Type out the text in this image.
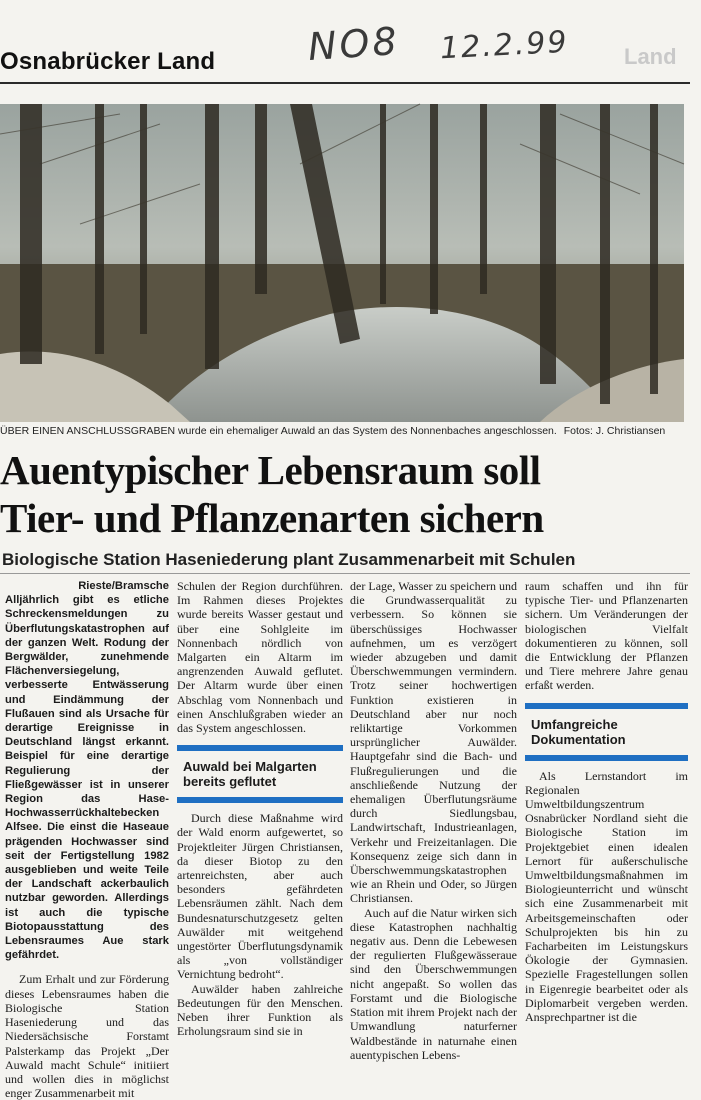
Osnabrücker Land NO8 12.2.99 Land
ÜBER EINEN ANSCHLUSSGRABEN wurde ein ehemaliger Auwald an das System des Nonnenbaches angeschlossen. Fotos: J. Christiansen
Auentypischer Lebensraum soll
Tier- und Pflanzenarten sichern
Biologische Station Haseniederung plant Zusammenarbeit mit Schulen
Rieste/Bramsche

Alljährlich gibt es etliche Schreckensmeldungen zu Überflutungskatastrophen auf der ganzen Welt. Rodung der Bergwälder, zunehmende Flächenversiegelung, verbesserte Entwässerung und Eindämmung der Flußauen sind als Ursache für derartige Ereignisse in Deutschland längst erkannt. Beispiel für eine derartige Regulierung der Fließgewässer ist in unserer Region das Hase-Hochwasserrückhaltebecken Alfsee. Die einst die Haseaue prägenden Hochwasser sind seit der Fertigstellung 1982 ausgeblieben und weite Teile der Landschaft ackerbaulich nutzbar geworden. Allerdings ist auch die typische Biotopausstattung des Lebensraumes Aue stark gefährdet.

Zum Erhalt und zur Förderung dieses Lebensraumes haben die Biologische Station Haseniederung und das Niedersächsische Forstamt Palsterkamp das Projekt „Der Auwald macht Schule“ initiiert und wollen dies in möglichst enger Zusammenarbeit mit

Schulen der Region durchführen. Im Rahmen dieses Projektes wurde bereits Wasser gestaut und über eine Sohlgleite im Nonnenbach nördlich von Malgarten ein Altarm im angrenzenden Auwald geflutet. Der Altarm wurde über einen Abschlag vom Nonnenbach und einen Anschlußgraben wieder an das System angeschlossen.

Auwald bei Malgarten bereits geflutet

Durch diese Maßnahme wird der Wald enorm aufgewertet, so Projektleiter Jürgen Christiansen, da dieser Biotop zu den artenreichsten, aber auch besonders gefährdeten Lebensräumen zählt. Nach dem Bundesnaturschutzgesetz gelten Auwälder mit weitgehend ungestörter Überflutungsdynamik als „von vollständiger Vernichtung bedroht“.

Auwälder haben zahlreiche Bedeutungen für den Menschen. Neben ihrer Funktion als Erholungsraum sind sie in

der Lage, Wasser zu speichern und die Grundwasserqualität zu verbessern. So können sie überschüssiges Hochwasser aufnehmen, um es verzögert wieder abzugeben und damit Überschwemmungen vermindern. Trotz seiner hochwertigen Funktion existieren in Deutschland aber nur noch reliktartige Vorkommen ursprünglicher Auwälder. Hauptgefahr sind die Bach- und Flußregulierungen und die anschließende Nutzung der ehemaligen Überflutungsräume durch Siedlungsbau, Landwirtschaft, Industrieanlagen, Verkehr und Freizeitanlagen. Die Konsequenz zeige sich dann in Überschwemmungskatastrophen wie an Rhein und Oder, so Jürgen Christiansen.

Auch auf die Natur wirken sich diese Katastrophen nachhaltig negativ aus. Denn die Lebewesen der regulierten Flußgewässeraue sind den Überschwemmungen nicht angepaßt. So wollen das Forstamt und die Biologische Station mit ihrem Projekt nach der Umwandlung naturferner Waldbestände in naturnahe einen auentypischen Lebens-

raum schaffen und ihn für typische Tier- und Pflanzenarten sichern. Um Veränderungen der biologischen Vielfalt dokumentieren zu können, soll die Entwicklung der Pflanzen und Tiere mehrere Jahre genau erfaßt werden.

Umfangreiche Dokumentation

Als Lernstandort im Regionalen Umweltbildungszentrum Osnabrücker Nordland sieht die Biologische Station im Projektgebiet einen idealen Lernort für außerschulische Umweltbildungsmaßnahmen im Biologieunterricht und wünscht sich eine Zusammenarbeit mit Arbeitsgemeinschaften oder Schulprojekten bis hin zu Facharbeiten im Leistungskurs Ökologie der Gymnasien. Spezielle Fragestellungen sollen in Eigenregie bearbeitet oder als Diplomarbeit vergeben werden. Ansprechpartner ist die
